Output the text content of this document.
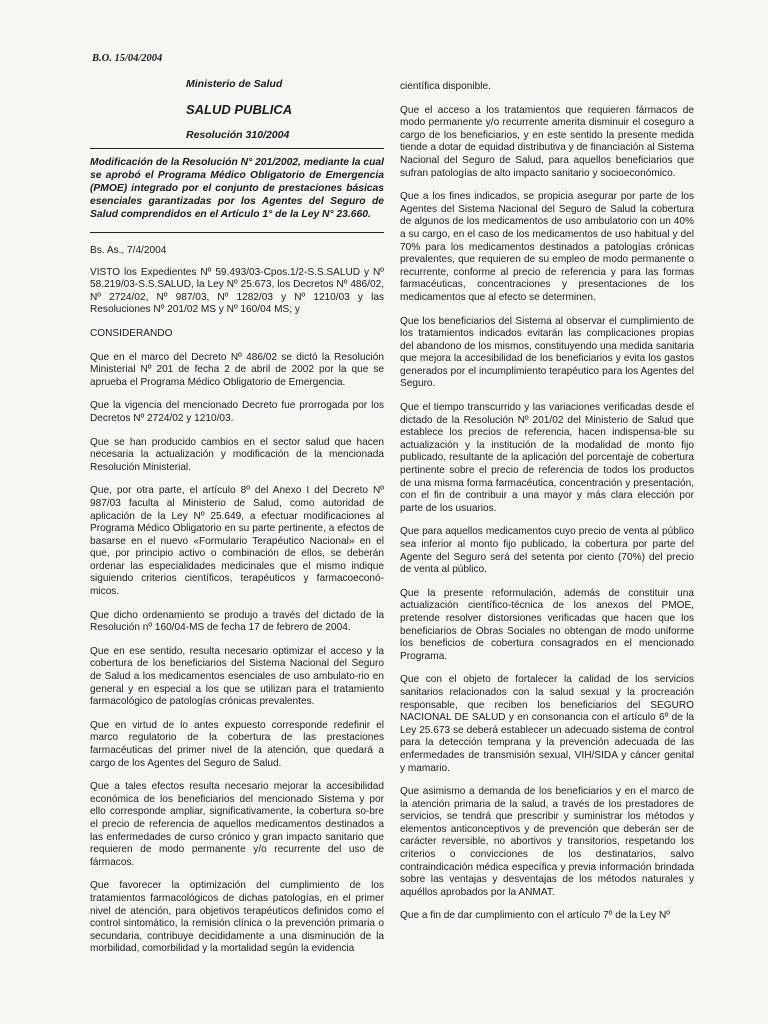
B.O. 15/04/2004
Ministerio de Salud
SALUD PUBLICA
Resolución 310/2004

Modificación de la Resolución N° 201/2002, mediante la cual se aprobó el Programa Médico Obligatorio de Emergencia (PMOE) integrado por el conjunto de prestaciones básicas esenciales garantizadas por los Agentes del Seguro de Salud comprendidos en el Artículo 1° de la Ley N° 23.660.

Bs. As., 7/4/2004

VISTO los Expedientes Nº 59.493/03-Cpos.1/2-S.S.SALUD y Nº 58.219/03-S.S.SALUD, la Ley Nº 25.673, los Decretos Nº 486/02, Nº 2724/02, Nº 987/03, Nº 1282/03 y Nº 1210/03 y las Resoluciones Nº 201/02 MS y Nº 160/04 MS; y

CONSIDERANDO

Que en el marco del Decreto Nº 486/02 se dictó la Resolución Ministerial Nº 201 de fecha 2 de abril de 2002 por la que se aprueba el Programa Médico Obligatorio de Emergencia.

Que la vigencia del mencionado Decreto fue prorrogada por los Decretos Nº 2724/02 y 1210/03.

Que se han producido cambios en el sector salud que hacen necesaria la actualización y modificación de la mencionada Resolución Ministerial.

Que, por otra parte, el artículo 8º del Anexo I del Decreto Nº 987/03 faculta al Ministerio de Salud, como autoridad de aplicación de la Ley Nº 25.649, a efectuar modificaciones al Programa Médico Obligatorio en su parte pertinente, a efectos de basarse en el nuevo «Formulario Terapéutico Nacional» en el que, por principio activo o combinación de ellos, se deberán ordenar las especialidades medicinales que el mismo indique siguiendo criterios científicos, terapéuticos y farmacoeconó-micos.

Que dicho ordenamiento se produjo a través del dictado de la Resolución nº 160/04-MS de fecha 17 de febrero de 2004.

Que en ese sentido, resulta necesario optimizar el acceso y la cobertura de los beneficiarios del Sistema Nacional del Seguro de Salud a los medicamentos esenciales de uso ambulato-rio en general y en especial a los que se utilizan para el tratamiento farmacológico de patologías crónicas prevalentes.

Que en virtud de lo antes expuesto corresponde redefinir el marco regulatorio de la cobertura de las prestaciones farmacéuticas del primer nivel de la atención, que quedará a cargo de los Agentes del Seguro de Salud.

Que a tales efectos resulta necesario mejorar la accesibilidad económica de los beneficiarios del mencionado Sistema y por ello corresponde ampliar, significativamente, la cobertura so-bre el precio de referencia de aquellos medicamentos destinados a las enfermedades de curso crónico y gran impacto sanitario que requieren de modo permanente y/o recurrente del uso de fármacos.

Que favorecer la optimización del cumplimiento de los tratamientos farmacológicos de dichas patologías, en el primer nivel de atención, para objetivos terapéuticos definidos como el control sintomático, la remisión clínica o la prevención primaria o secundaria, contribuye decididamente a una disminución de la morbilidad, comorbilidad y la mortalidad según la evidencia

científica disponible.

Que el acceso a los tratamientos que requieren fármacos de modo permanente y/o recurrente amerita disminuir el coseguro a cargo de los beneficiarios, y en este sentido la presente medida tiende a dotar de equidad distributiva y de financiación al Sistema Nacional del Seguro de Salud, para aquellos beneficiarios que sufran patologías de alto impacto sanitario y socioeconómico.

Que a los fines indicados, se propicia asegurar por parte de los Agentes del Sistema Nacional del Seguro de Salud la cobertura de algunos de los medicamentos de uso ambulatorio con un 40% a su cargo, en el caso de los medicamentos de uso habitual y del 70% para los medicamentos destinados a patologías crónicas prevalentes, que requieren de su empleo de modo permanente o recurrente, conforme al precio de referencia y para las formas farmacéuticas, concentraciones y presentaciones de los medicamentos que al efecto se determinen.

Que los beneficiarios del Sistema al observar el cumplimiento de los tratamientos indicados evitarán las complicaciones propias del abandono de los mismos, constituyendo una medida sanitaria que mejora la accesibilidad de los beneficiarios y evita los gastos generados por el incumplimiento terapéutico para los Agentes del Seguro.

Que el tiempo transcurrido y las variaciones verificadas desde el dictado de la Resolución Nº 201/02 del Ministerio de Salud que establece los precios de referencia, hacen indispensa-ble su actualización y la institución de la modalidad de monto fijo publicado, resultante de la aplicación del porcentaje de cobertura pertinente sobre el precio de referencia de todos los productos de una misma forma farmacéutica, concentración y presentación, con el fin de contribuir a una mayor y más clara elección por parte de los usuarios.

Que para aquellos medicamentos cuyo precio de venta al público sea inferior al monto fijo publicado, la cobertura por parte del Agente del Seguro será del setenta por ciento (70%) del precio de venta al público.

Que la presente reformulación, además de constituir una actualización científico-técnica de los anexos del PMOE, pretende resolver distorsiones verificadas que hacen que los beneficiarios de Obras Sociales no obtengan de modo uniforme los beneficios de cobertura consagrados en el mencionado Programa.

Que con el objeto de fortalecer la calidad de los servicios sanitarios relacionados con la salud sexual y la procreación responsable, que reciben los beneficiarios del SEGURO NACIONAL DE SALUD y en consonancia con el artículo 6º de la Ley 25.673 se deberá establecer un adecuado sistema de control para la detección temprana y la prevención adecuada de las enfermedades de transmisión sexual, VIH/SIDA y cáncer genital y mamario.

Que asimismo a demanda de los beneficiarios y en el marco de la atención primaria de la salud, a través de los prestadores de servicios, se tendrá que prescribir y suministrar los métodos y elementos anticonceptivos y de prevención que deberán ser de carácter reversible, no abortivos y transitorios, respetando los criterios o convicciones de los destinatarios, salvo contraindicación médica específica y previa información brindada sobre las ventajas y desventajas de los métodos naturales y aquéllos aprobados por la ANMAT.

Que a fin de dar cumplimiento con el artículo 7º de la Ley Nº
